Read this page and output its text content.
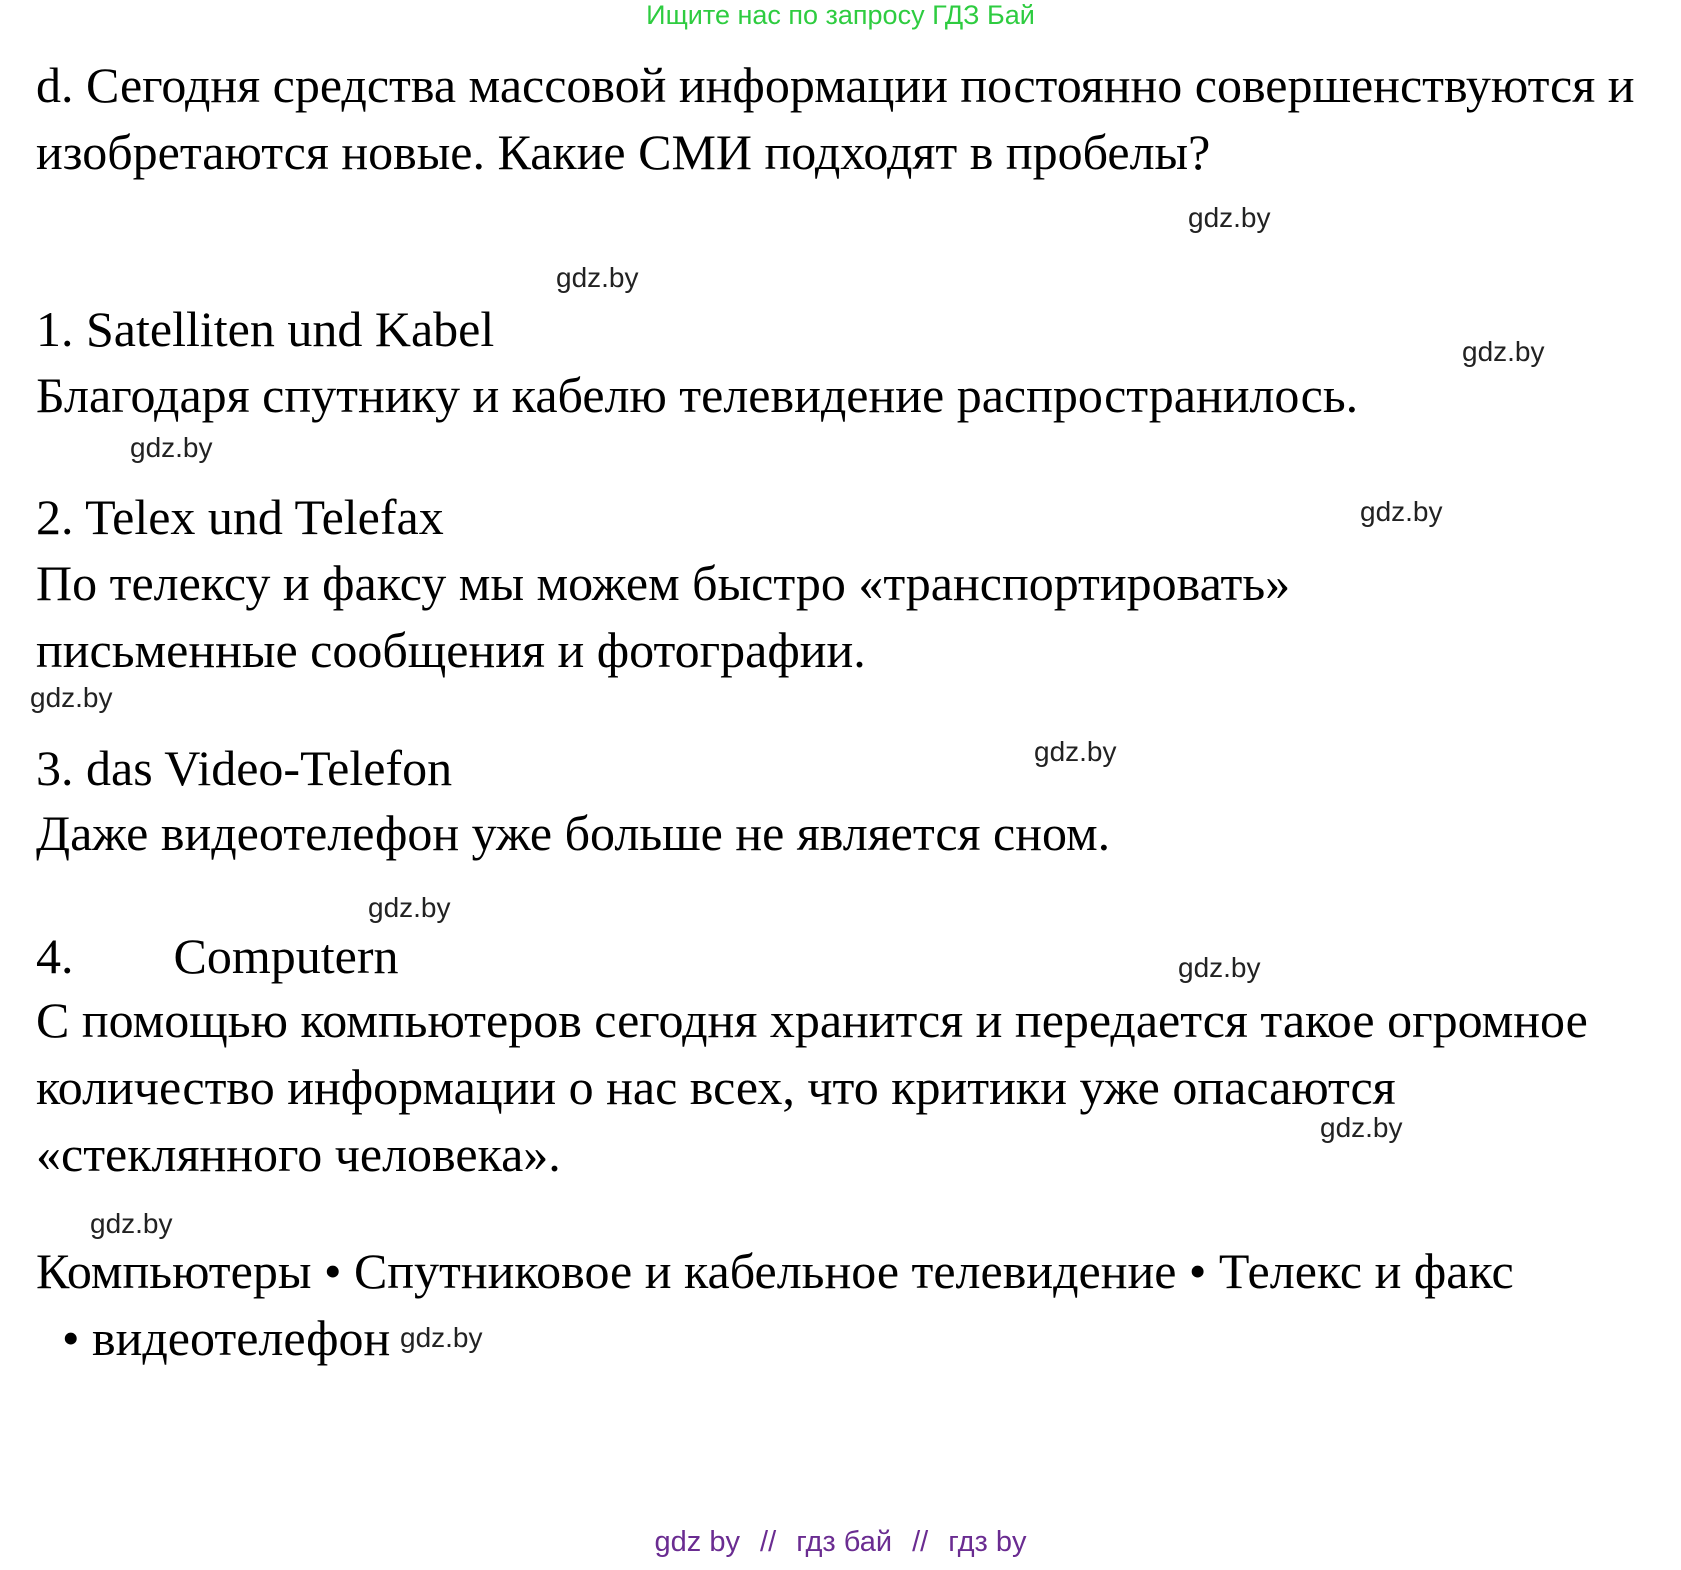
Ищите нас по запросу ГДЗ Бай

d. Сегодня средства массовой информации постоянно совершенствуются и изобретаются новые. Какие СМИ подходят в пробелы?

1. Satelliten und Kabel

Благодаря спутнику и кабелю телевидение распространилось.

2. Telex und Telefax

По телексу и факсу мы можем быстро «транспортировать» письменные сообщения и фотографии.

3. das Video-Telefon

Даже видеотелефон уже больше не является сном.

4. Computern

С помощью компьютеров сегодня хранится и передается такое огромное количество информации о нас всех, что критики уже опасаются «стеклянного человека».

Компьютеры • Спутниковое и кабельное телевидение • Телекс и факс

• видеотелефон

gdz.by
gdz.by
gdz.by
gdz.by
gdz.by
gdz.by
gdz.by
gdz.by
gdz.by
gdz.by
gdz.by
gdz.by
gdz by // гдз бай // гдз by
